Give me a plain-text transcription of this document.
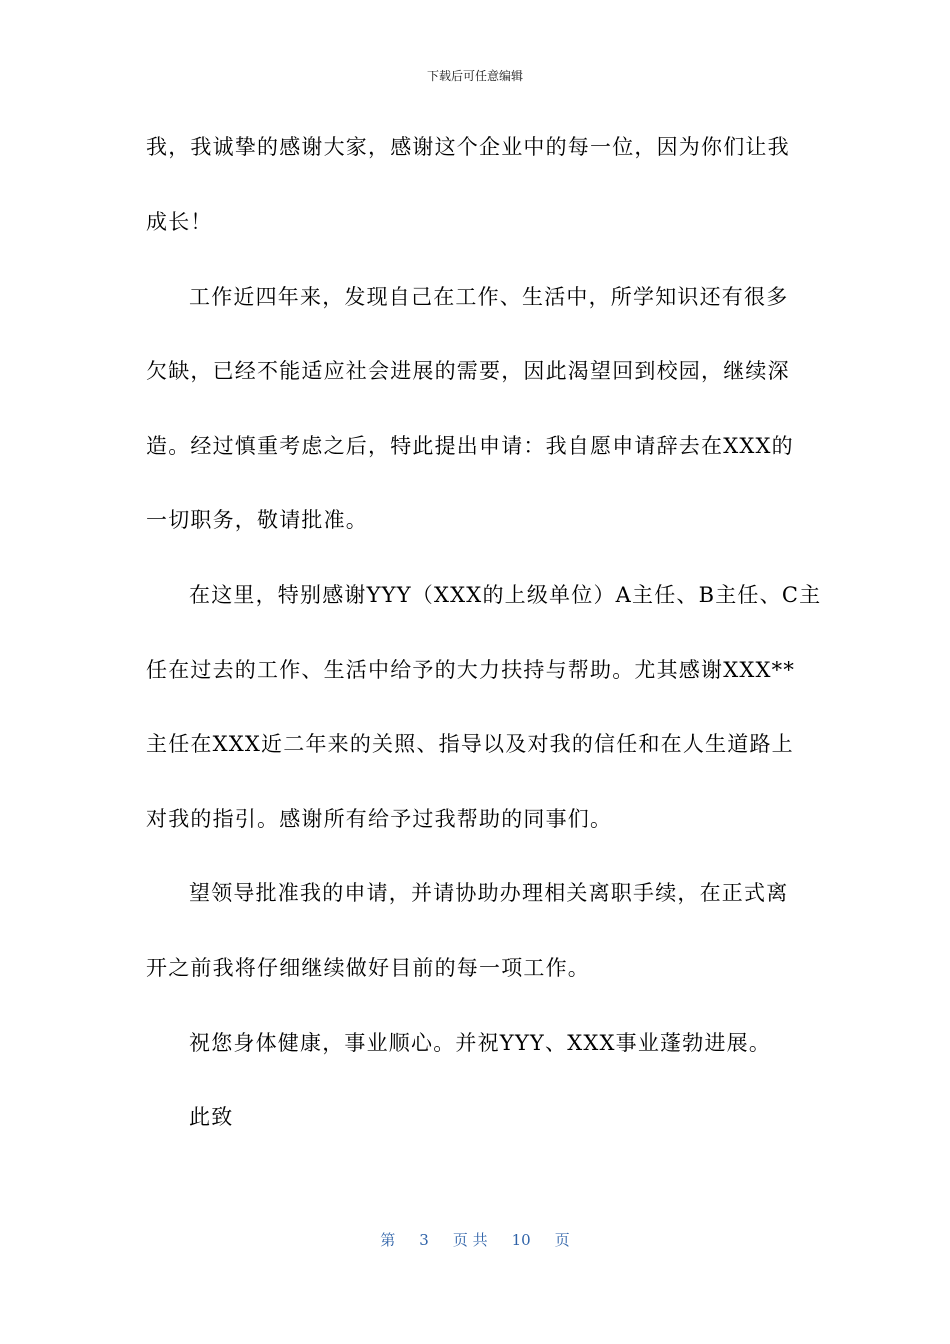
下载后可任意编辑
我，我诚挚的感谢大家，感谢这个企业中的每一位，因为你们让我
成长！
工作近四年来，发现自己在工作、生活中，所学知识还有很多
欠缺，已经不能适应社会进展的需要，因此渴望回到校园，继续深
造。经过慎重考虑之后，特此提出申请：我自愿申请辞去在XXX的
一切职务，敬请批准。
在这里，特别感谢YYY（XXX的上级单位）A主任、B主任、C主
任在过去的工作、生活中给予的大力扶持与帮助。尤其感谢XXX**
主任在XXX近二年来的关照、指导以及对我的信任和在人生道路上
对我的指引。感谢所有给予过我帮助的同事们。
望领导批准我的申请，并请协助办理相关离职手续，在正式离
开之前我将仔细继续做好目前的每一项工作。
祝您身体健康，事业顺心。并祝YYY、XXX事业蓬勃进展。
此致
第 3 页 共 10 页
